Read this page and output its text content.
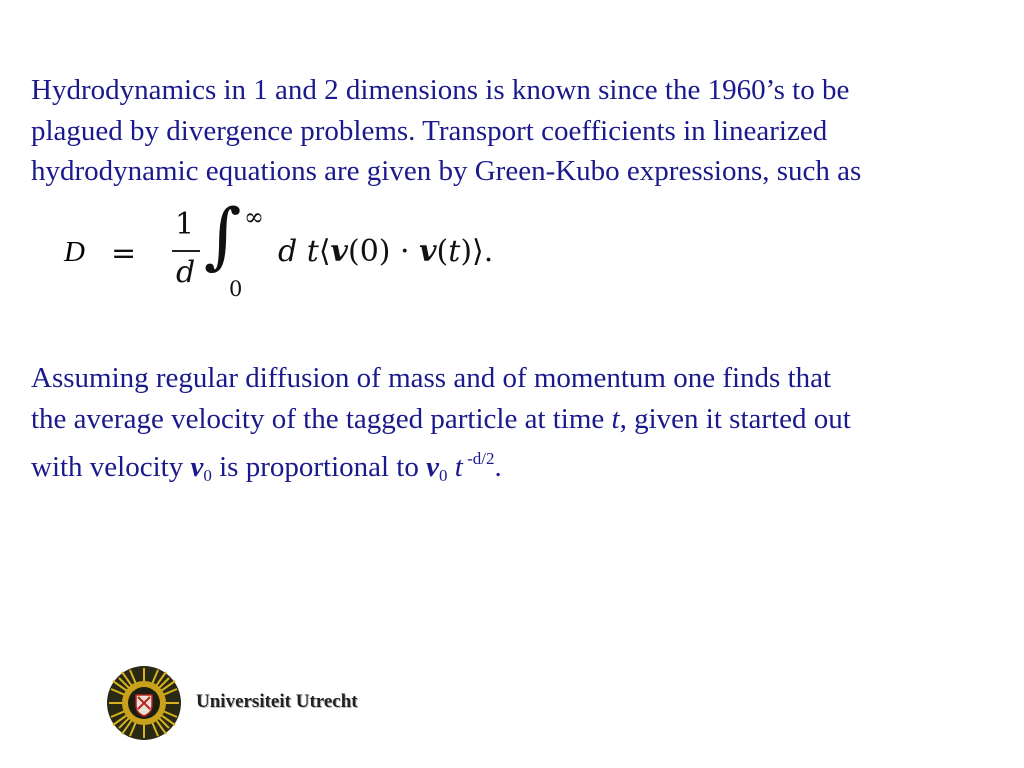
Hydrodynamics in 1 and 2 dimensions is known since the 1960’s to be
plagued by divergence problems. Transport coefficients in linearized
hydrodynamic equations are given by Green-Kubo expressions, such as
D =
1
d ∫ ∞
0
d t⟨v(0) · v(t)⟩.
Assuming regular diffusion of mass and of momentum one finds that
the average velocity of the tagged particle at time t, given it started out
with velocity $v_0$ is proportional to $v_0$ t $^{-d/2}$.
Universiteit Utrecht
